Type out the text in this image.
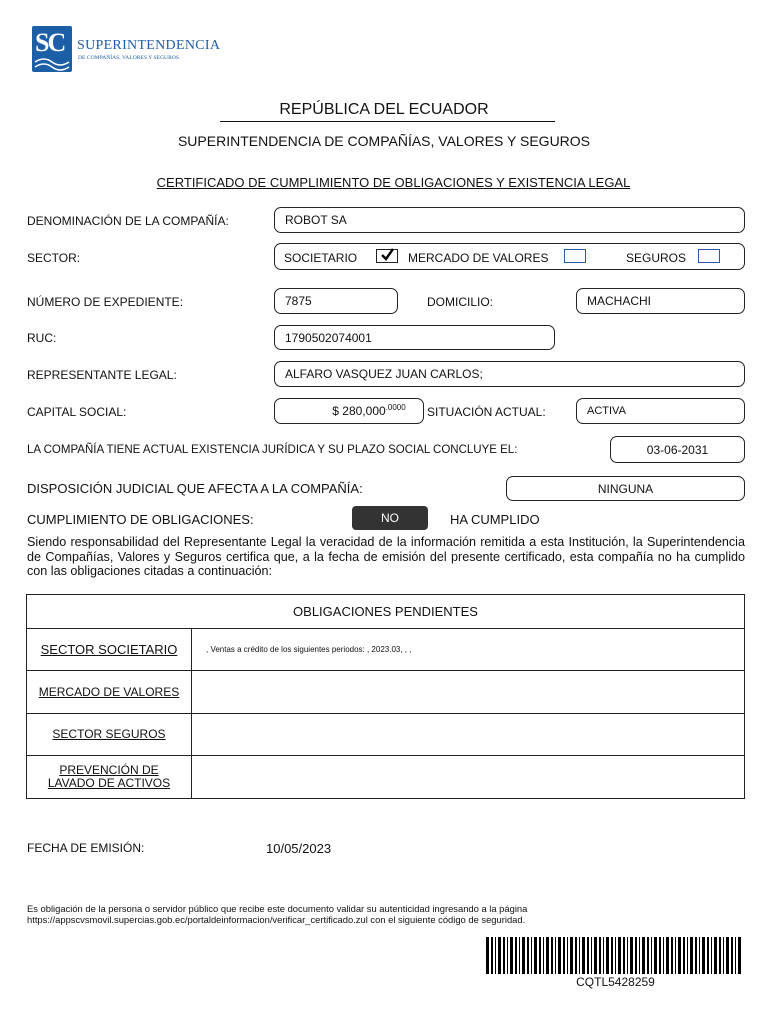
SC SUPERINTENDENCIA
DE COMPAÑÍAS, VALORES Y SEGUROS
REPÚBLICA DEL ECUADOR
SUPERINTENDENCIA DE COMPAÑÍAS, VALORES Y SEGUROS
CERTIFICADO DE CUMPLIMIENTO DE OBLIGACIONES Y EXISTENCIA LEGAL
DENOMINACIÓN DE LA COMPAÑÍA:	ROBOT SA
SECTOR:	SOCIETARIO	MERCADO DE VALORES	SEGUROS
NÚMERO DE EXPEDIENTE:	7875	DOMICILIO:	MACHACHI
RUC:	1790502074001
REPRESENTANTE LEGAL:	ALFARO VASQUEZ JUAN CARLOS;
CAPITAL SOCIAL:	$ 280,000 .0000 SITUACIÓN ACTUAL:	ACTIVA
LA COMPAÑÍA TIENE ACTUAL EXISTENCIA JURÍDICA Y SU PLAZO SOCIAL CONCLUYE EL:	03-06-2031
DISPOSICIÓN JUDICIAL QUE AFECTA A LA COMPAÑÍA:	NINGUNA
CUMPLIMIENTO DE OBLIGACIONES:	NO	HA CUMPLIDO
Siendo responsabilidad del Representante Legal la veracidad de la información remitida a esta Institución, la Superintendencia de Compañías, Valores y Seguros certifica que, a la fecha de emisión del presente certificado, esta compañía no ha cumplido con las obligaciones citadas a continuación:
OBLIGACIONES PENDIENTES	
SECTOR SOCIETARIO	, Ventas a crédito de los siguientes periodos: , 2023.03, , ,
MERCADO DE VALORES	
SECTOR SEGUROS	
PREVENCIÓN DE LAVADO DE ACTIVOS	
FECHA DE EMISIÓN:	10/05/2023
Es obligación de la persona o servidor público que recibe este documento validar su autenticidad ingresando a la página
https://appscvsmovil.supercias.gob.ec/portaldeinformacion/verificar_certificado.zul con el siguiente código de seguridad.
CQTL5428259
